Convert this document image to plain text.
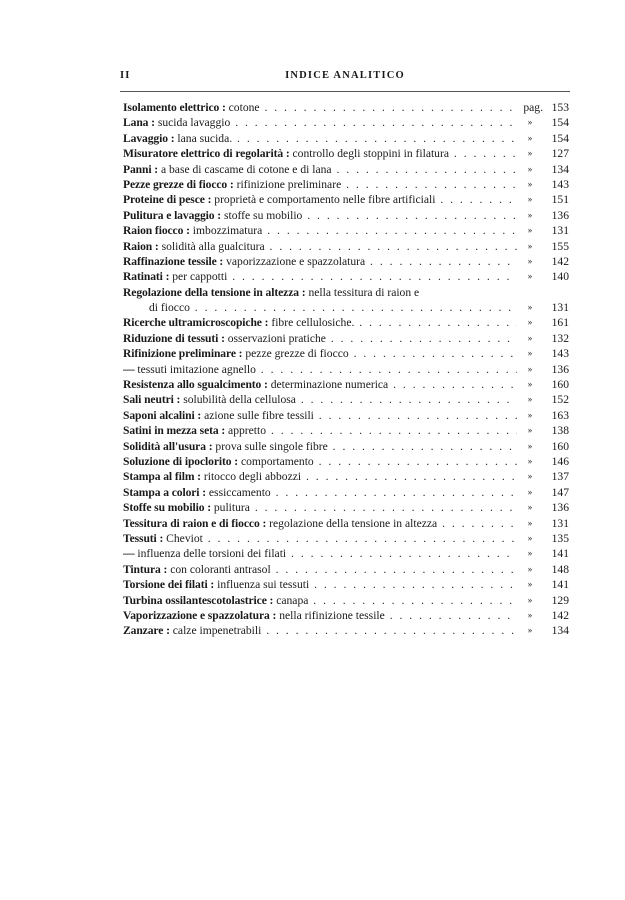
II	INDICE ANALITICO
Isolamento elettrico : cotone . . .	pag. 153
Lana : sucida lavaggio . . .	»	154
Lavaggio : lana sucida. . . .	»	154
Misuratore elettrico di regolarità : controllo degli stoppini in filatura . . .	»	127
Panni : a base di cascame di cotone e di lana . . .	»	134
Pezze grezze di fiocco : rifinizione preliminare . . .	»	143
Proteine di pesce : proprietà e comportamento nelle fibre artificiali . . .	»	151
Pulitura e lavaggio : stoffe su mobilio . . .	»	136
Raion fiocco : imbozzimatura . . .	»	131
Raion : solidità alla gualcitura . . .	»	155
Raffinazione tessile : vaporizzazione e spazzolatura . . .	»	142
Ratinati : per cappotti . . .	»	140
Regolazione della tensione in altezza : nella tessitura di raion e
di fiocco . . .	»	131
Ricerche ultramicroscopiche : fibre cellulosiche. . . .	»	161
Riduzione di tessuti : osservazioni pratiche . . .	»	132
Rifinizione preliminare : pezze grezze di fiocco . . .	»	143
— tessuti imitazione agnello . . .	»	136
Resistenza allo sgualcimento : determinazione numerica . . .	»	160
Sali neutri : solubilità della cellulosa . . .	»	152
Saponi alcalini : azione sulle fibre tessili . . .	»	163
Satini in mezza seta : appretto . . .	»	138
Solidità all'usura : prova sulle singole fibre . . .	»	160
Soluzione di ipoclorito : comportamento . . .	»	146
Stampa al film : ritocco degli abbozzi . . .	»	137
Stampa a colori : essiccamento . . .	»	147
Stoffe su mobilio : pulitura . . .	»	136
Tessitura di raion e di fiocco : regolazione della tensione in altezza . . .	»	131
Tessuti : Cheviot . . .	»	135
— influenza delle torsioni dei filati . . .	»	141
Tintura : con coloranti antrasol . . .	»	148
Torsione dei filati : influenza sui tessuti . . .	»	141
Turbina ossilantescotolastrice : canapa . . .	»	129
Vaporizzazione e spazzolatura : nella rifinizione tessile . . .	»	142
Zanzare : calze impenetrabili . . .	»	134
